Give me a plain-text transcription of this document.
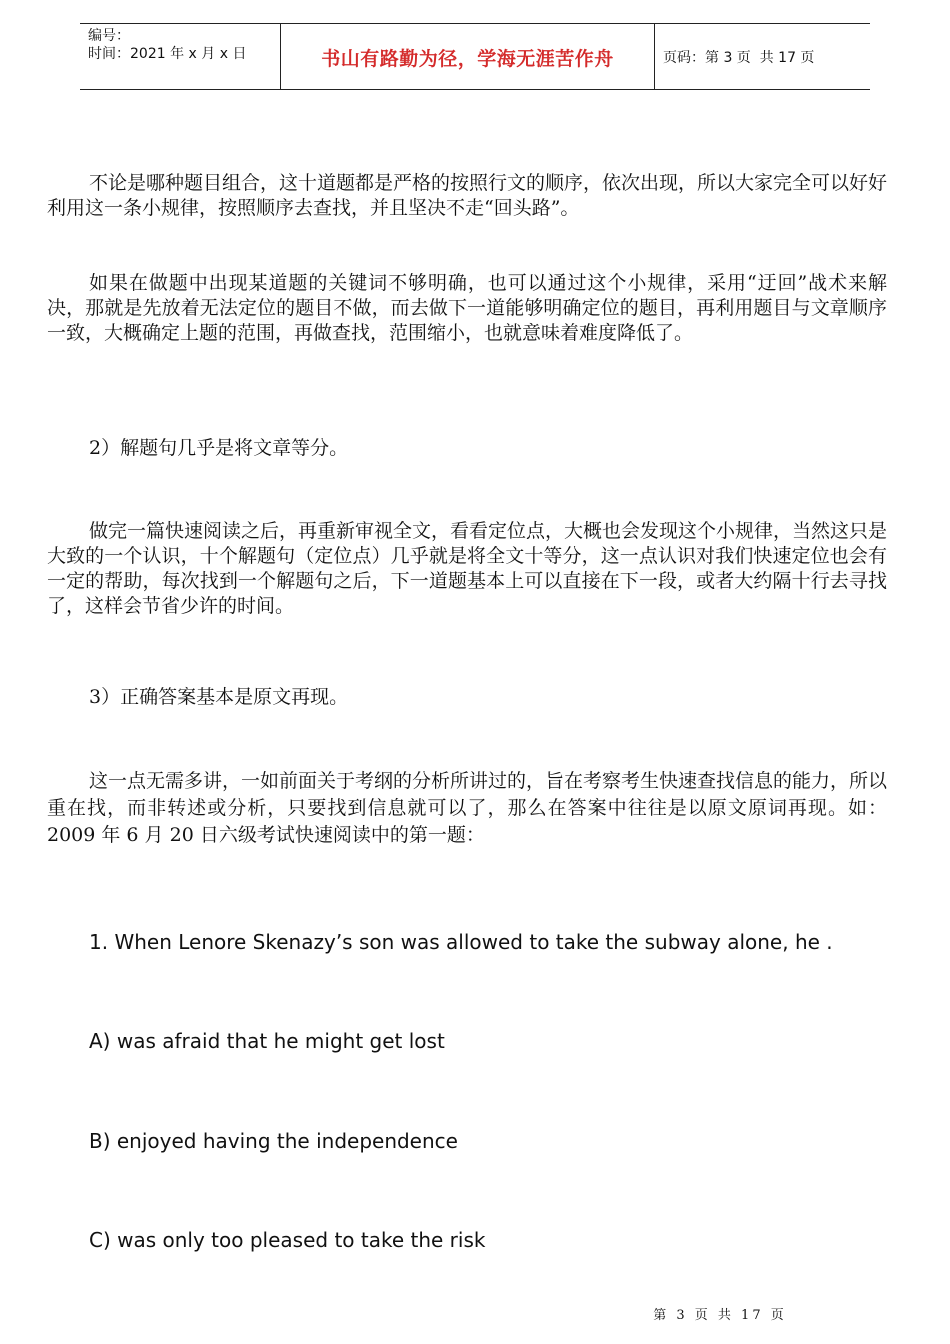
编号：
时间：2021 年 x 月 x 日	书山有路勤为径，学海无涯苦作舟	页码：第 3 页  共 17 页

不论是哪种题目组合，这十道题都是严格的按照行文的顺序，依次出现，所以大家完全可以好好利用这一条小规律，按照顺序去查找，并且坚决不走“回头路”。

如果在做题中出现某道题的关键词不够明确，也可以通过这个小规律，采用“迂回”战术来解决，那就是先放着无法定位的题目不做，而去做下一道能够明确定位的题目，再利用题目与文章顺序一致，大概确定上题的范围，再做查找，范围缩小，也就意味着难度降低了。

2）解题句几乎是将文章等分。

做完一篇快速阅读之后，再重新审视全文，看看定位点，大概也会发现这个小规律，当然这只是大致的一个认识，十个解题句（定位点）几乎就是将全文十等分，这一点认识对我们快速定位也会有一定的帮助，每次找到一个解题句之后，下一道题基本上可以直接在下一段，或者大约隔十行去寻找了，这样会节省少许的时间。

3）正确答案基本是原文再现。

这一点无需多讲，一如前面关于考纲的分析所讲过的，旨在考察考生快速查找信息的能力，所以重在找，而非转述或分析，只要找到信息就可以了，那么在答案中往往是以原文原词再现。如：2009 年 6 月 20 日六级考试快速阅读中的第一题：

1. When Lenore Skenazy’s son was allowed to take the subway alone, he .
A) was afraid that he might get lost
B) enjoyed having the independence
C) was only too pleased to take the risk
第 3 页 共 17 页
